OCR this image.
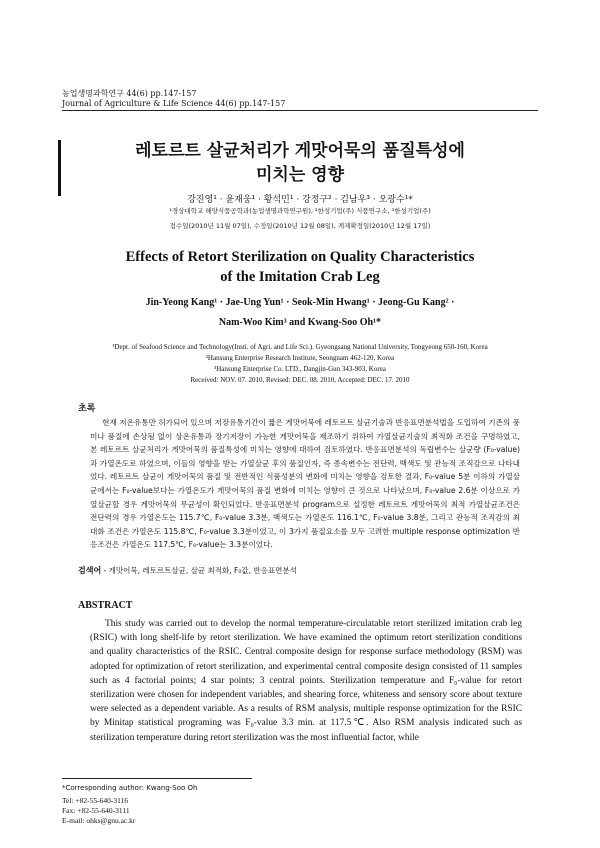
농업생명과학연구 44(6) pp.147-157
Journal of Agriculture & Life Science 44(6) pp.147-157
레토르트 살균처리가 게맛어묵의 품질특성에
미치는 영향
강진영¹ · 윤재웅¹ · 황석민¹ · 강정구² · 김남우³ · 오광수¹*
¹경상대학교 해양식품공학과(농업생명과학연구원), ²한성기업(주) 식품연구소, ³한성기업(주)
접수일(2010년 11월 07일), 수정일(2010년 12월 08일), 게재확정일(2010년 12월 17일)
Effects of Retort Sterilization on Quality Characteristics
of the Imitation Crab Leg
Jin-Yeong Kang¹ · Jae-Ung Yun¹ · Seok-Min Hwang¹ · Jeong-Gu Kang² ·
Nam-Woo Kim³ and Kwang-Soo Oh¹*
¹Dept. of Seafood Science and Technology(Insti. of Agri. and Life Sci.). Gyeongsang National University, Tongyeong 650-160, Korea
²Hansung Enterprise Research Institute, Seongnam 462-120, Korea
³Hansung Enterprise Co. LTD., Dangjin-Gun 343-903, Korea
Received: NOV. 07. 2010, Revised: DEC. 08. 2010, Accepted: DEC. 17. 2010
초록

현재 저온유통만 허가되어 있으며 저장유통기간이 짧은 게맛어묵에 레토르트 살균기술과 반응표면분석법을 도입하여 기존의 풍미나 품질에 손상됨 없이 상온유통과 장기저장이 가능한 게맛어묵을 제조하기 위하여 가열살균기술의 최적화 조건을 구명하였고, 본 레토르트 살균처리가 게맛어묵의 품질특성에 미치는 영향에 대하여 검토하였다. 반응표면분석의 독립변수는 살균량 (F₀-value)과 가열온도로 하였으며, 이들의 영향을 받는 가열살균 후의 품질인자, 즉 종속변수는 전단력, 백색도 및 관능적 조직감으로 나타내었다. 레토르트 살균이 게맛어묵의 품질 및 전반적인 식품성분의 변화에 미치는 영향을 검토한 결과, F₀-value 5분 이하의 가열살균에서는 F₀-value보다는 가열온도가 게맛어묵의 품질 변화에 미치는 영향이 큰 것으로 나타났으며, F₀-value 2.6분 이상으로 가열살균할 경우 게맛어묵의 무균성이 확인되었다. 반응표면분석 program으로 설정한 레토르트 게맛어묵의 최적 가열살균조건은 전단력의 경우 가열온도는 115.7℃, F₀-value 3.3분, 백색도는 가열온도 116.1℃, F₀-value 3.8분, 그리고 관능적 조직감의 최대화 조건은 가열온도 115.8℃, F₀-value 3.3분이었고, 이 3가지 품질요소를 모두 고려한 multiple response optimization 반응조건은 가열온도 117.5℃, F₀-value는 3.3분이었다.

검색어 - 게맛어묵, 레토르트살균, 살균 최적화, F₀값, 반응표면분석
ABSTRACT

This study was carried out to develop the normal temperature-circulatable retort sterilized imitation crab leg (RSIC) with long shelf-life by retort sterilization. We have examined the optimum retort sterilization conditions and quality characteristics of the RSIC. Central composite design for response surface methodology (RSM) was adopted for optimization of retort sterilization, and experimental central composite design consisted of 11 samples such as 4 factorial points; 4 star points; 3 central points. Sterilization temperature and F₀-value for retort sterilization were chosen for independent variables, and shearing force, whiteness and sensory score about texture were selected as a dependent variable. As a results of RSM analysis, multiple response optimization for the RSIC by Minitap statistical programing was F₀-value 3.3 min. at 117.5℃. Also RSM analysis indicated such as sterilization temperature during retort sterilization was the most influential factor, while

*Corresponding author: Kwang-Soo Oh
Tel: +82-55-640-3116
Fax: +82-55-640-3111
E-mail: ohks@gnu.ac.kr
